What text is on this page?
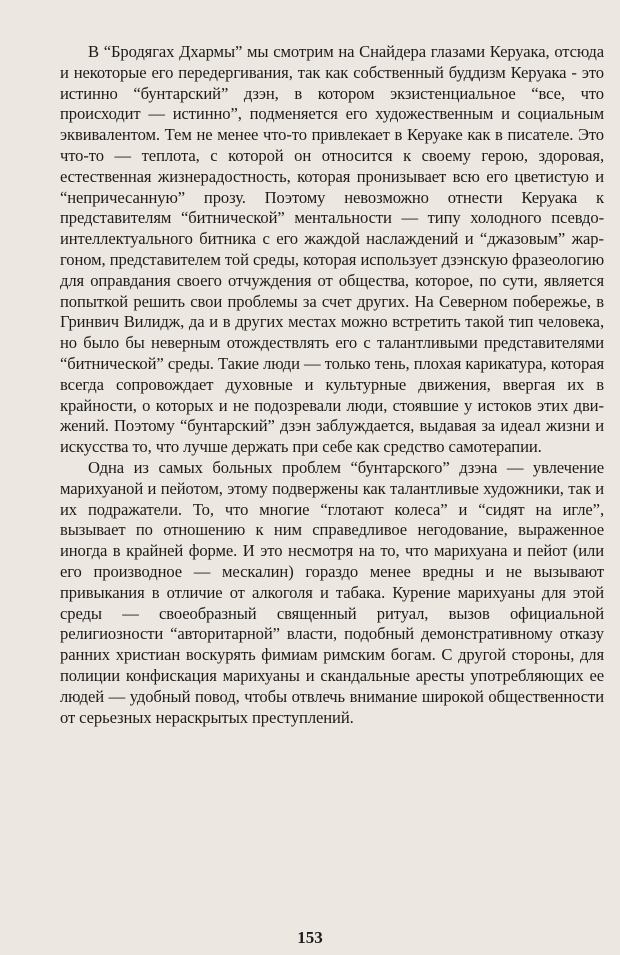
В “Бродягах Дхармы” мы смотрим на Снайдера глазами Керуака, отсюда и некоторые его передергивания, так как собственный буддизм Керуака - это истинно “бунтарский” дзэн, в котором экзистенциальное “все, что происходит — истинно”, подменяется его художественным и социальным эквивалентом. Тем не менее что-то привлекает в Керуаке как в писателе. Это что-то — теплота, с которой он относится к своему герою, здоровая, естественная жизнерадостность, которая пронизывает всю его цветистую и “непричесанную” прозу. Поэтому невозможно отнести Керуака к представителям “битнической” ментальности — типу холодного псевдо-интеллектуального битника с его жаждой наслаждений и “джазовым” жаргоном, представителем той среды, которая использует дзэнскую фразеологию для оправдания своего отчуждения от общества, которое, по сути, является попыткой решить свои проблемы за счет других. На Северном побережье, в Гринвич Вилидж, да и в других местах можно встретить такой тип человека, но было бы неверным отождествлять его с талантливыми представителями “битнической” среды. Такие люди — только тень, плохая карикатура, которая всегда сопровождает духовные и культурные движения, ввергая их в крайности, о которых и не подозревали люди, стоявшие у истоков этих движений. Поэтому “бунтарский” дзэн заблуждается, выдавая за идеал жизни и искусства то, что лучше держать при себе как средство самотерапии.

Одна из самых больных проблем “бунтарского” дзэна — увлечение марихуаной и пейотом, этому подвержены как талантливые художники, так и их подражатели. То, что многие “глотают колеса” и “сидят на игле”, вызывает по отношению к ним справедливое негодование, выраженное иногда в крайней форме. И это несмотря на то, что марихуана и пейот (или его производное — мескалин) гораздо менее вредны и не вызывают привыкания в отличие от алкоголя и табака. Курение марихуаны для этой среды — своеобразный священный ритуал, вызов официальной религиозности “авторитарной” власти, подобный демонстративному отказу ранних христиан воскурять фимиам римским богам. С другой стороны, для полиции конфискация марихуаны и скандальные аресты употребляющих ее людей — удобный повод, чтобы отвлечь внимание широкой общественности от серьезных нераскрытых преступлений.

153
